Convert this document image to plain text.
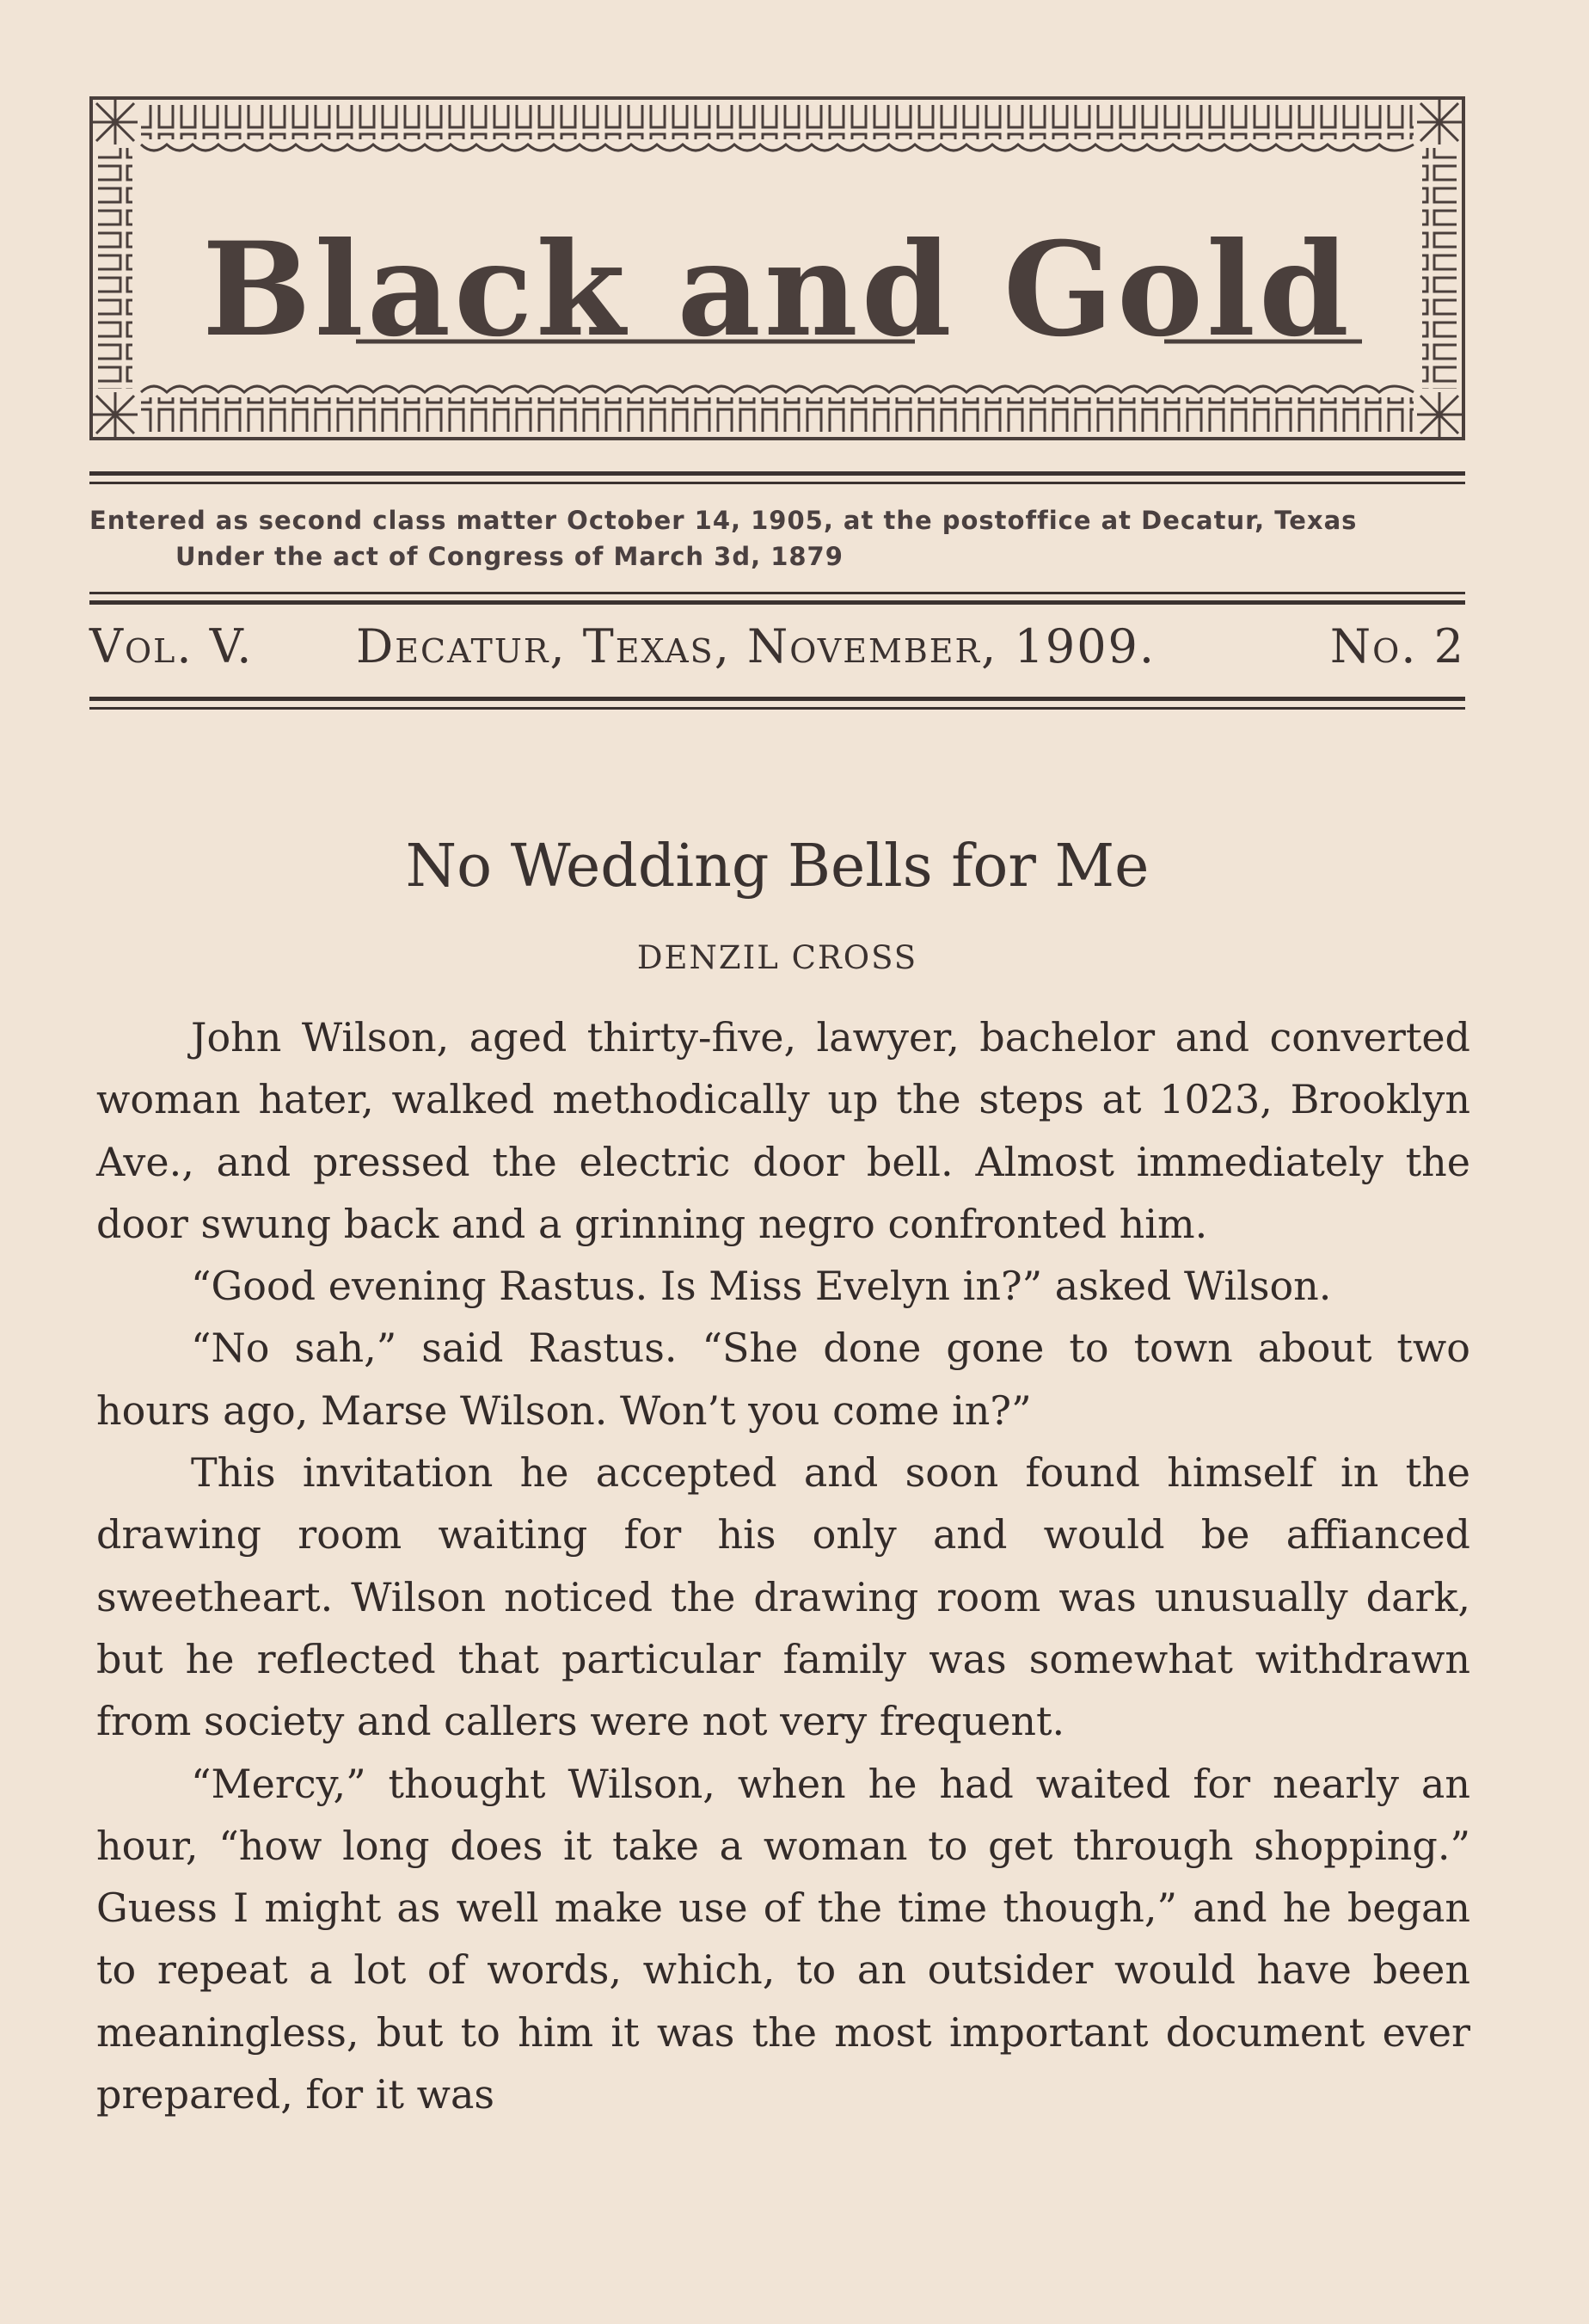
Black and Gold
Entered as second class matter October 14, 1905, at the postoffice at Decatur, Texas
Under the act of Congress of March 3d, 1879
Vol. V. Decatur, Texas, November, 1909.	No. 2
No Wedding Bells for Me
DENZIL CROSS

John Wilson, aged thirty-five, lawyer, bachelor and converted woman hater, walked methodically up the steps at 1023, Brooklyn Ave., and pressed the electric door bell. Almost immediately the door swung back and a grinning negro confronted him.

“Good evening Rastus. Is Miss Evelyn in?” asked Wilson.

“No sah,” said Rastus. “She done gone to town about two hours ago, Marse Wilson. Won’t you come in?”

This invitation he accepted and soon found himself in the drawing room waiting for his only and would be affianced sweetheart. Wilson noticed the drawing room was unusually dark, but he reflected that particular family was somewhat withdrawn from society and callers were not very frequent.

“Mercy,” thought Wilson, when he had waited for nearly an hour, “how long does it take a woman to get through shopping.” Guess I might as well make use of the time though,” and he began to repeat a lot of words, which, to an outsider would have been meaningless, but to him it was the most important document ever prepared, for it was
